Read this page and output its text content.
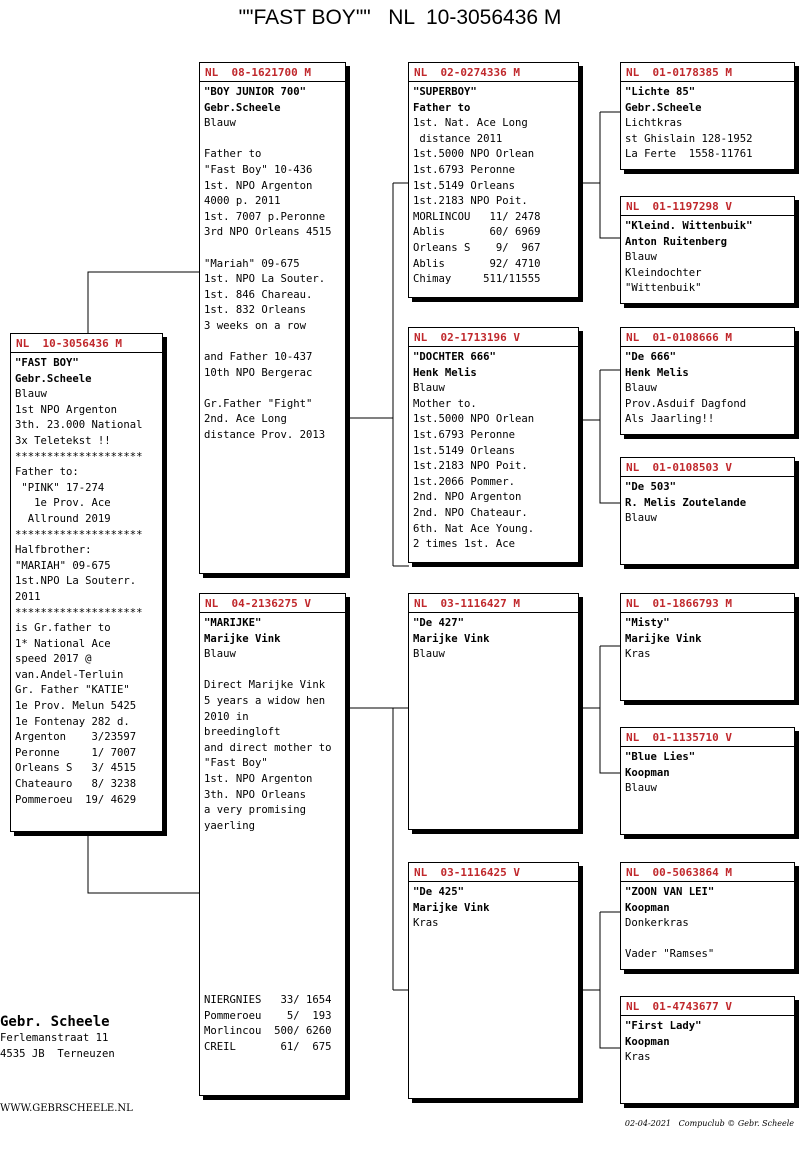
""FAST BOY""   NL  10-3056436 M
NL  10-3056436 M
"FAST BOY"
Gebr.Scheele
Blauw
1st NPO Argenton
3th. 23.000 National
3x Teletekst !!
********************
Father to:
"PINK" 17-274
1e Prov. Ace
Allround 2019
********************
Halfbrother:
"MARIAH" 09-675
1st.NPO La Souterr.
2011
********************
is Gr.father to
1* National Ace
speed 2017 @
van.Andel-Terluin
Gr. Father "KATIE"
1e Prov. Melun 5425
1e Fontenay 282 d.
Argenton    3/23597
Peronne     1/ 7007
Orleans S   3/ 4515
Chateauro   8/ 3238
Pommeroeu  19/ 4629
NL  08-1621700 M
"BOY JUNIOR 700"
Gebr.Scheele
Blauw
Father to
"Fast Boy" 10-436
1st. NPO Argenton
4000 p. 2011
1st. 7007 p.Peronne
3rd NPO Orleans 4515
"Mariah" 09-675
1st. NPO La Souter.
1st. 846 Chareau.
1st. 832 Orleans
3 weeks on a row
and Father 10-437
10th NPO Bergerac
Gr.Father "Fight"
2nd. Ace Long
distance Prov. 2013
NL  04-2136275 V
"MARIJKE"
Marijke Vink
Blauw
Direct Marijke Vink
5 years a widow hen
2010 in
breedingloft
and direct mother to
"Fast Boy"
1st. NPO Argenton
3th. NPO Orleans
a very promising
yaerling
NIERGNIES   33/ 1654
Pommeroeu    5/  193
Morlincou  500/ 6260
CREIL       61/  675
NL  02-0274336 M
"SUPERBOY"
Father to
1st. Nat. Ace Long
distance 2011
1st.5000 NPO Orlean
1st.6793 Peronne
1st.5149 Orleans
1st.2183 NPO Poit.
MORLINCOU   11/ 2478
Ablis       60/ 6969
Orleans S    9/  967
Ablis       92/ 4710
Chimay     511/11555
NL  02-1713196 V
"DOCHTER 666"
Henk Melis
Blauw
Mother to.
1st.5000 NPO Orlean
1st.6793 Peronne
1st.5149 Orleans
1st.2183 NPO Poit.
1st.2066 Pommer.
2nd. NPO Argenton
2nd. NPO Chateaur.
6th. Nat Ace Young.
2 times 1st. Ace
NL  03-1116427 M
"De 427"
Marijke Vink
Blauw
NL  03-1116425 V
"De 425"
Marijke Vink
Kras
NL  01-0178385 M
"Lichte 85"
Gebr.Scheele
Lichtkras
st Ghislain 128-1952
La Ferte  1558-11761
NL  01-1197298 V
"Kleind. Wittenbuik"
Anton Ruitenberg
Blauw
Kleindochter
"Wittenbuik"
NL  01-0108666 M
"De 666"
Henk Melis
Blauw
Prov.Asduif Dagfond
Als Jaarling!!
NL  01-0108503 V
"De 503"
R. Melis Zoutelande
Blauw
NL  01-1866793 M
"Misty"
Marijke Vink
Kras
NL  01-1135710 V
"Blue Lies"
Koopman
Blauw
NL  00-5063864 M
"ZOON VAN LEI"
Koopman
Donkerkras
Vader "Ramses"
NL  01-4743677 V
"First Lady"
Koopman
Kras
Gebr. Scheele
Ferlemanstraat 11
4535 JB  Terneuzen
WWW.GEBRSCHEELE.NL
02-04-2021   Compuclub © Gebr. Scheele
